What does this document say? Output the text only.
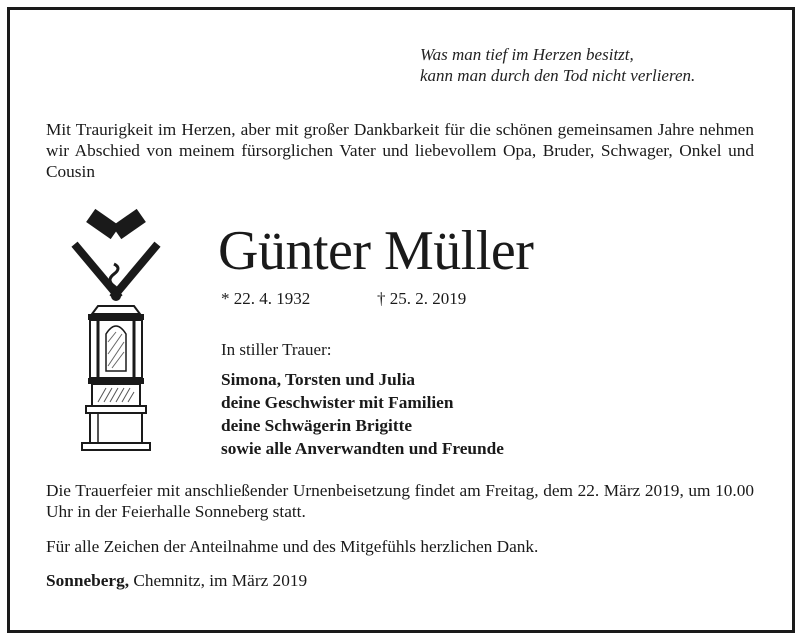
Was man tief im Herzen besitzt,
kann man durch den Tod nicht verlieren.
Mit Traurigkeit im Herzen, aber mit großer Dankbarkeit für die schönen gemeinsamen Jahre nehmen wir Abschied von meinem fürsorglichen Vater und liebevollem Opa, Bruder, Schwager, Onkel und Cousin
Günter Müller
* 22. 4. 1932	† 25. 2. 2019
In stiller Trauer:
Simona, Torsten und Julia
deine Geschwister mit Familien
deine Schwägerin Brigitte
sowie alle Anverwandten und Freunde
Die Trauerfeier mit anschließender Urnenbeisetzung findet am Freitag, dem 22. März 2019, um 10.00 Uhr in der Feierhalle Sonneberg statt.
Für alle Zeichen der Anteilnahme und des Mitgefühls herzlichen Dank.
Sonneberg, Chemnitz, im März 2019
